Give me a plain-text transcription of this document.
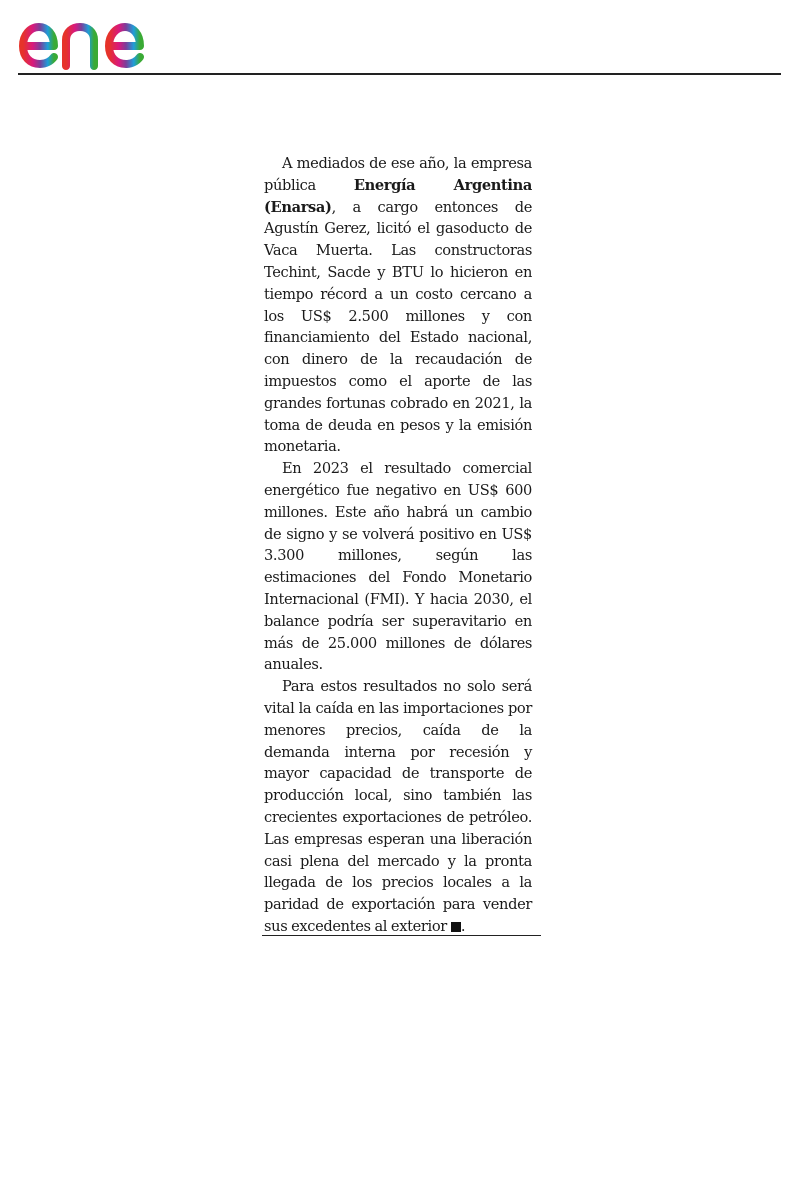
A mediados de ese año, la empresa pública Energía Argentina (Enarsa), a cargo entonces de Agustín Gerez, licitó el gasoducto de Vaca Muerta. Las constructoras Techint, Sacde y BTU lo hicieron en tiempo récord a un costo cercano a los US$ 2.500 millones y con financiamiento del Estado nacional, con dinero de la recaudación de impuestos como el aporte de las grandes fortunas cobrado en 2021, la toma de deuda en pesos y la emisión monetaria.

En 2023 el resultado comercial energético fue negativo en US$ 600 millones. Este año habrá un cambio de signo y se volverá positivo en US$ 3.300 millones, según las estimaciones del Fondo Monetario Internacional (FMI). Y hacia 2030, el balance podría ser superavitario en más de 25.000 millones de dólares anuales.

Para estos resultados no solo será vital la caída en las importaciones por menores precios, caída de la demanda interna por recesión y mayor capacidad de transporte de producción local, sino también las crecientes exportaciones de petróleo. Las empresas esperan una liberación casi plena del mercado y la pronta llegada de los precios locales a la paridad de exportación para vender sus excedentes al exterior .
